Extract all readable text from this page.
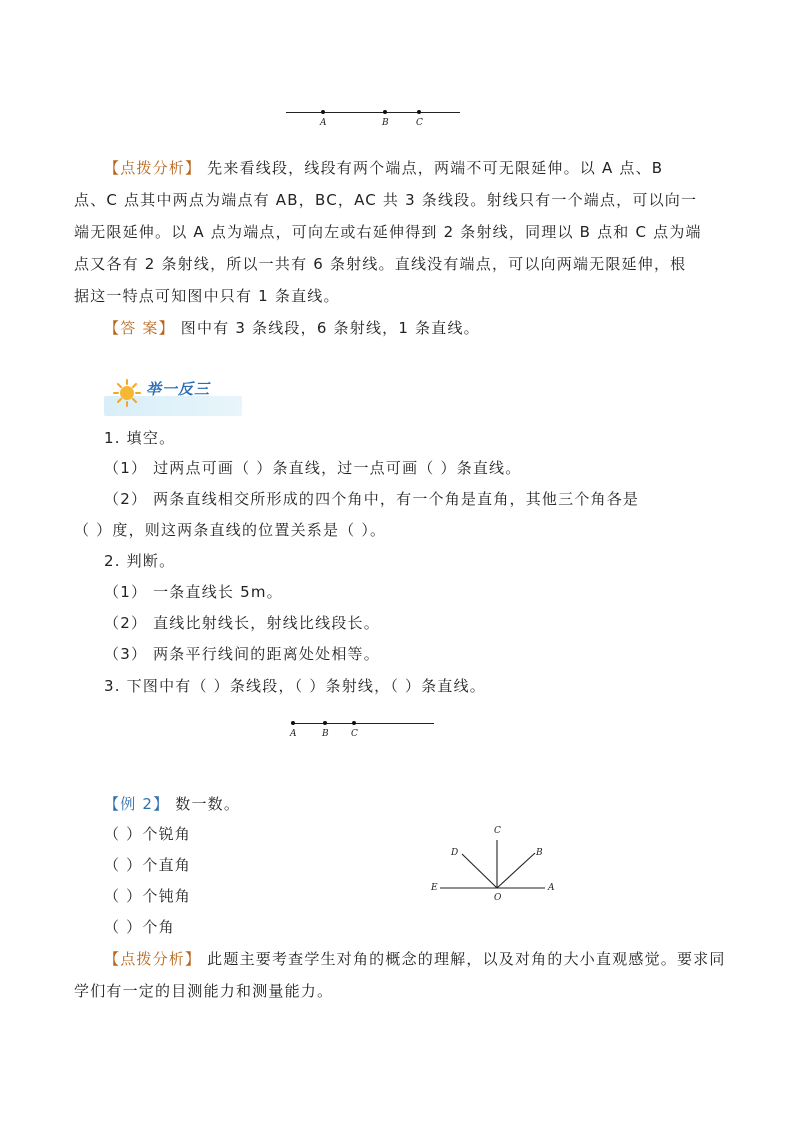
A	B	C
【点拨分析】 先来看线段，线段有两个端点，两端不可无限延伸。以 A 点、B
点、C 点其中两点为端点有 AB，BC，AC 共 3 条线段。射线只有一个端点，可以向一
端无限延伸。以 A 点为端点，可向左或右延伸得到 2 条射线，同理以 B 点和 C 点为端
点又各有 2 条射线，所以一共有 6 条射线。直线没有端点，可以向两端无限延伸，根
据这一特点可知图中只有 1 条直线。
【答 案】 图中有 3 条线段，6 条射线，1 条直线。
举一反三
1. 填空。
（1） 过两点可画（ ）条直线，过一点可画（ ）条直线。
（2） 两条直线相交所形成的四个角中，有一个角是直角，其他三个角各是
（ ）度，则这两条直线的位置关系是（ ）。
2. 判断。
（1） 一条直线长 5m。
（2） 直线比射线长，射线比线段长。
（3） 两条平行线间的距离处处相等。
3. 下图中有（ ）条线段，（ ）条射线，（ ）条直线。
A	B C
【例 2】 数一数。
（ ）个锐角
（ ）个直角
（ ）个钝角
（ ）个角
C
D	B
E
O
A
【点拨分析】 此题主要考查学生对角的概念的理解，以及对角的大小直观感觉。要求同
学们有一定的目测能力和测量能力。
